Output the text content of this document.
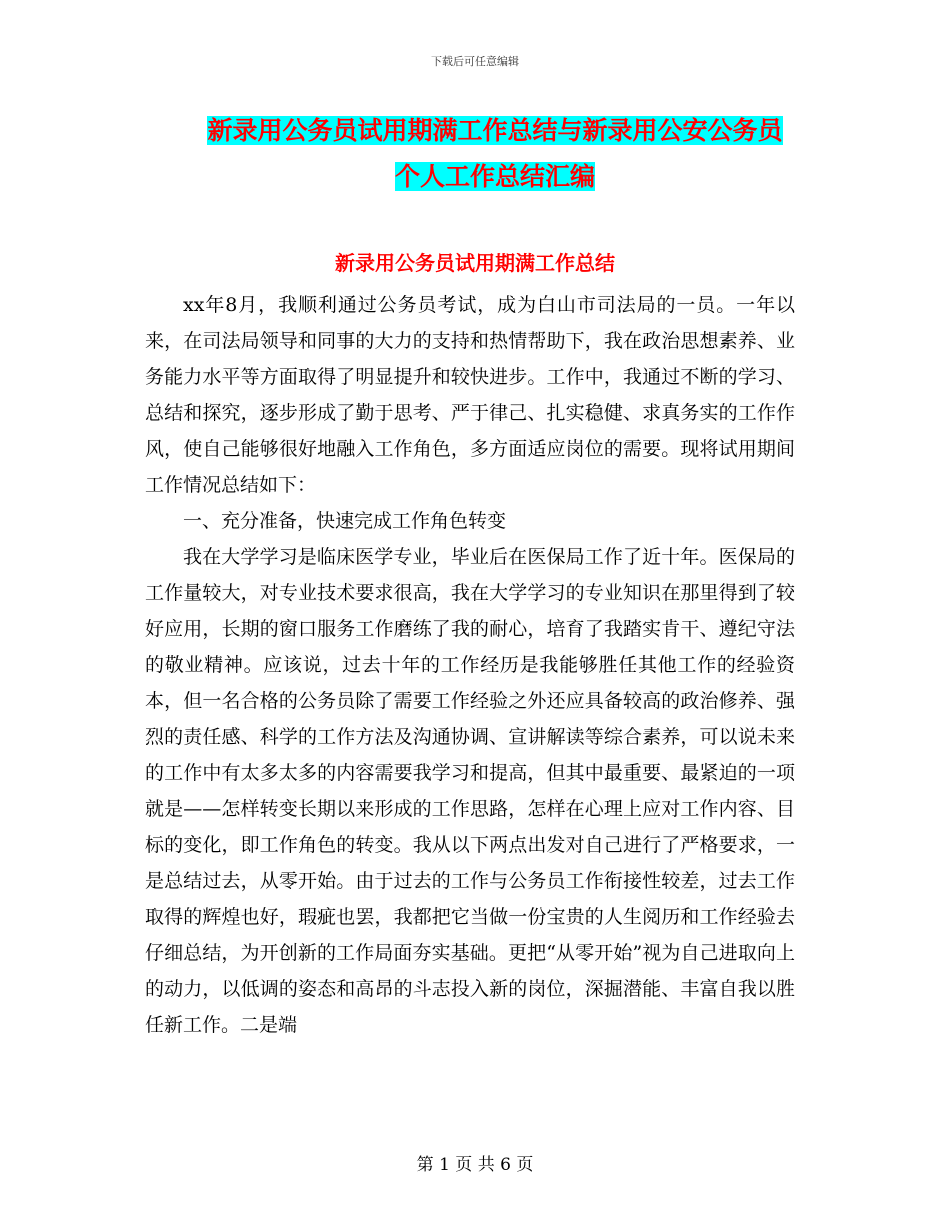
下载后可任意编辑
新录用公务员试用期满工作总结与新录用公安公务员
个人工作总结汇编
新录用公务员试用期满工作总结

xx年8月，我顺利通过公务员考试，成为白山市司法局的一员。一年以来，在司法局领导和同事的大力的支持和热情帮助下，我在政治思想素养、业务能力水平等方面取得了明显提升和较快进步。工作中，我通过不断的学习、总结和探究，逐步形成了勤于思考、严于律己、扎实稳健、求真务实的工作作风，使自己能够很好地融入工作角色，多方面适应岗位的需要。现将试用期间工作情况总结如下：

一、充分准备，快速完成工作角色转变

我在大学学习是临床医学专业，毕业后在医保局工作了近十年。医保局的工作量较大，对专业技术要求很高，我在大学学习的专业知识在那里得到了较好应用，长期的窗口服务工作磨练了我的耐心，培育了我踏实肯干、遵纪守法的敬业精神。应该说，过去十年的工作经历是我能够胜任其他工作的经验资本，但一名合格的公务员除了需要工作经验之外还应具备较高的政治修养、强烈的责任感、科学的工作方法及沟通协调、宣讲解读等综合素养，可以说未来的工作中有太多太多的内容需要我学习和提高，但其中最重要、最紧迫的一项就是——怎样转变长期以来形成的工作思路，怎样在心理上应对工作内容、目标的变化，即工作角色的转变。我从以下两点出发对自己进行了严格要求，一是总结过去，从零开始。由于过去的工作与公务员工作衔接性较差，过去工作取得的辉煌也好，瑕疵也罢，我都把它当做一份宝贵的人生阅历和工作经验去仔细总结，为开创新的工作局面夯实基础。更把“从零开始”视为自己进取向上的动力，以低调的姿态和高昂的斗志投入新的岗位，深掘潜能、丰富自我以胜任新工作。二是端

第 1 页 共 6 页
